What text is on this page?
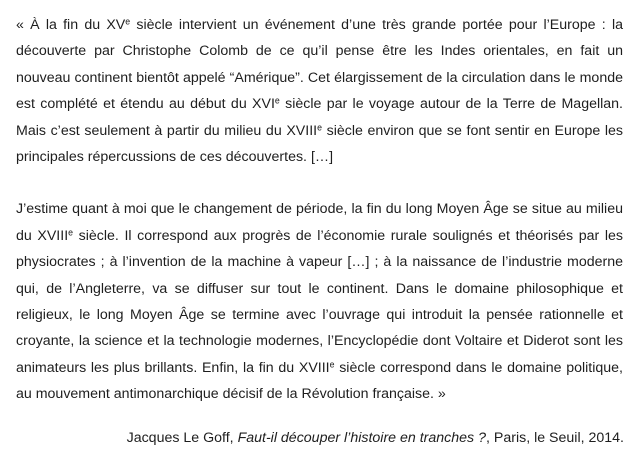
« À la fin du XVe siècle intervient un événement d’une très grande portée pour l’Europe : la découverte par Christophe Colomb de ce qu’il pense être les Indes orientales, en fait un nouveau continent bientôt appelé “Amérique”. Cet élargissement de la circulation dans le monde est complété et étendu au début du XVIe siècle par le voyage autour de la Terre de Magellan. Mais c’est seulement à partir du milieu du XVIIIe siècle environ que se font sentir en Europe les principales répercussions de ces découvertes. […]

J’estime quant à moi que le changement de période, la fin du long Moyen Âge se situe au milieu du XVIIIe siècle. Il correspond aux progrès de l’économie rurale soulignés et théorisés par les physiocrates ; à l’invention de la machine à vapeur […] ; à la naissance de l’industrie moderne qui, de l’Angleterre, va se diffuser sur tout le continent. Dans le domaine philosophique et religieux, le long Moyen Âge se termine avec l’ouvrage qui introduit la pensée rationnelle et croyante, la science et la technologie modernes, l’Encyclopédie dont Voltaire et Diderot sont les animateurs les plus brillants. Enfin, la fin du XVIIIe siècle correspond dans le domaine politique, au mouvement antimonarchique décisif de la Révolution française. »

Jacques Le Goff, Faut-il découper l’histoire en tranches ?, Paris, le Seuil, 2014.
